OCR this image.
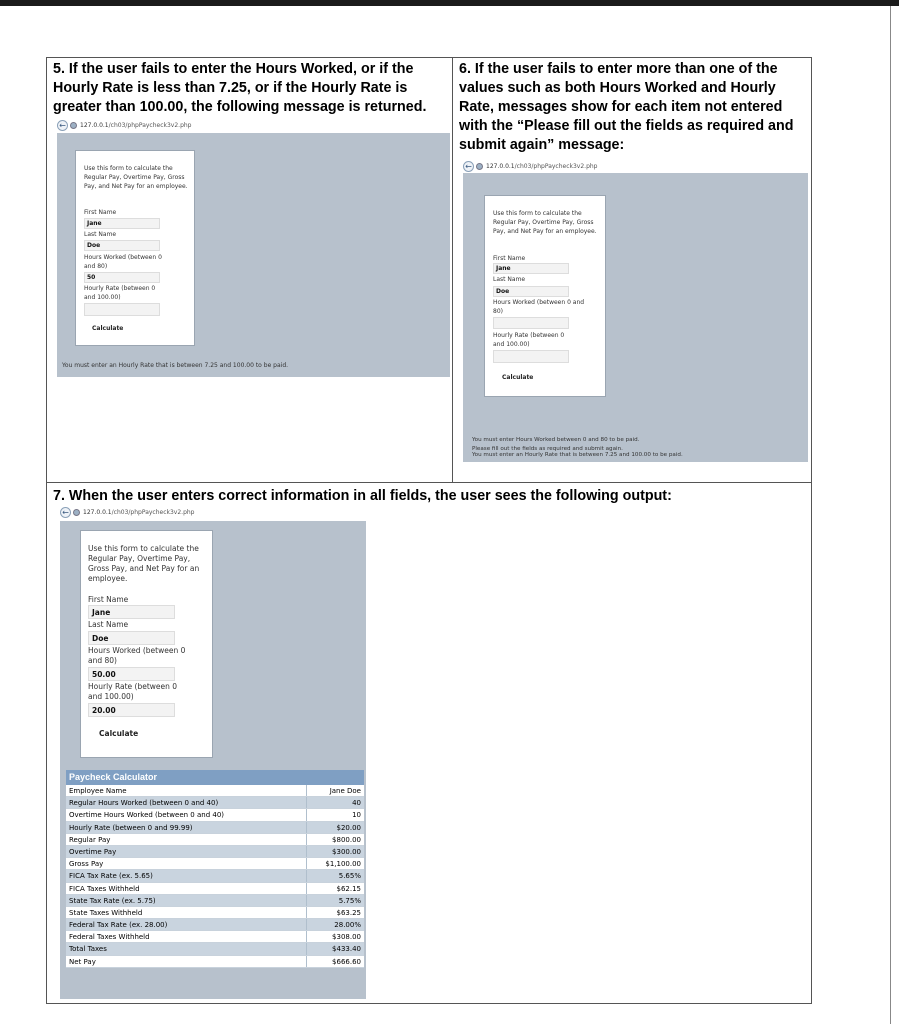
5. If the user fails to enter the Hours Worked, or if the Hourly Rate is less than 7.25, or if the Hourly Rate is greater than 100.00, the following message is returned.
←	127.0.0.1 /ch03/phpPaycheck3v2.php
Use this form to calculate the Regular Pay, Overtime Pay, Gross Pay, and Net Pay for an employee.
First Name
Jane
Last Name
Doe
Hours Worked (between 0 and 80)
50
Hourly Rate (between 0 and 100.00)
Calculate
You must enter an Hourly Rate that is between 7.25 and 100.00 to be paid.
6. If the user fails to enter more than one of the values such as both Hours Worked and Hourly Rate, messages show for each item not entered with the “Please fill out the fields as required and submit again” message:
←	127.0.0.1 /ch03/phpPaycheck3v2.php
Use this form to calculate the Regular Pay, Overtime Pay, Gross Pay, and Net Pay for an employee.
First Name
Jane
Last Name
Doe
Hours Worked (between 0 and 80)
Hourly Rate (between 0 and 100.00)
Calculate
You must enter Hours Worked between 0 and 80 to be paid.
You must enter an Hourly Rate that is between 7.25 and 100.00 to be paid.
Please fill out the fields as required and submit again.
7. When the user enters correct information in all fields, the user sees the following output:
←	127.0.0.1 /ch03/phpPaycheck3v2.php
Use this form to calculate the Regular Pay, Overtime Pay, Gross Pay, and Net Pay for an employee.
First Name
Jane
Last Name
Doe
Hours Worked (between 0 and 80)
50.00
Hourly Rate (between 0 and 100.00)
20.00
Calculate
Paycheck Calculator
Employee Name	Jane Doe
Regular Hours Worked (between 0 and 40)	40
Overtime Hours Worked (between 0 and 40)	10
Hourly Rate (between 0 and 99.99)	$20.00
Regular Pay	$800.00
Overtime Pay	$300.00
Gross Pay	$1,100.00
FICA Tax Rate (ex. 5.65)	5.65%
FICA Taxes Withheld	$62.15
State Tax Rate (ex. 5.75)	5.75%
State Taxes Withheld	$63.25
Federal Tax Rate (ex. 28.00)	28.00%
Federal Taxes Withheld	$308.00
Total Taxes	$433.40
Net Pay	$666.60
